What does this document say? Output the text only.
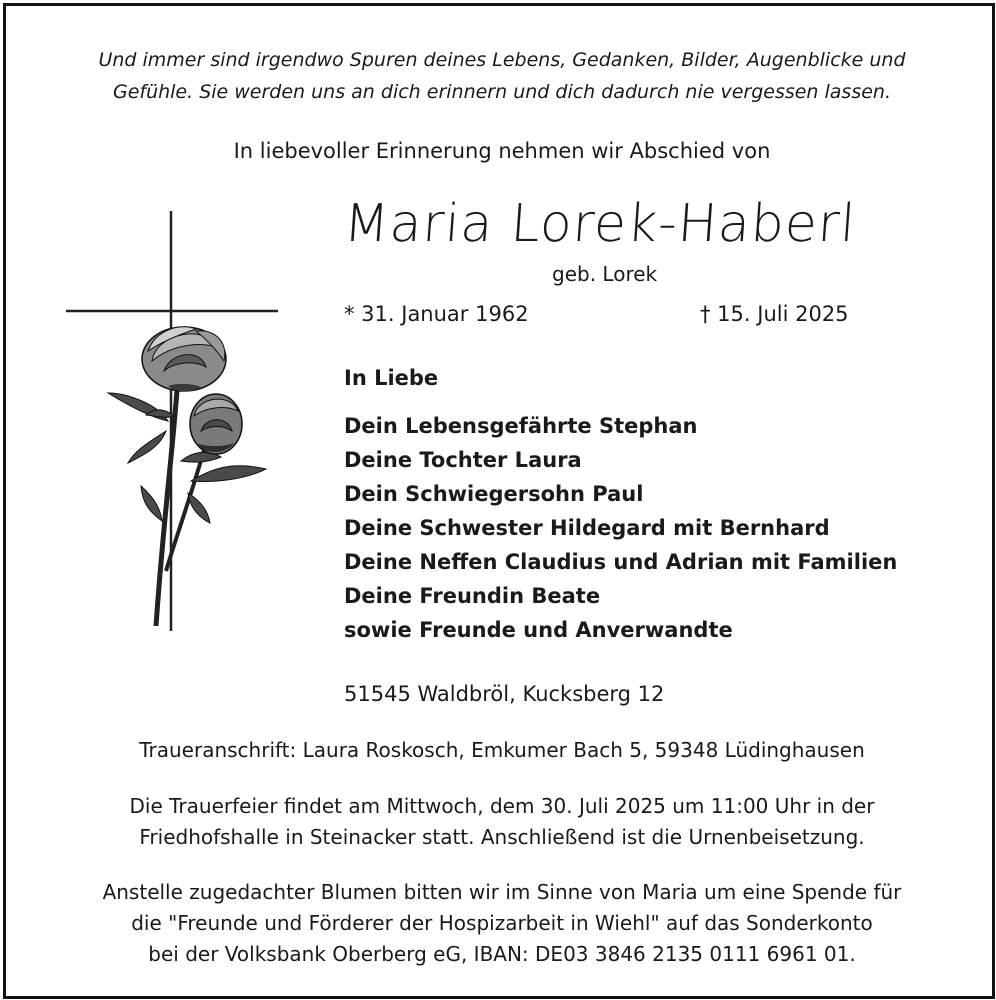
Und immer sind irgendwo Spuren deines Lebens, Gedanken, Bilder, Augenblicke und
Gefühle. Sie werden uns an dich erinnern und dich dadurch nie vergessen lassen.
In liebevoller Erinnerung nehmen wir Abschied von
Maria Lorek-Haberl
geb. Lorek
* 31. Januar 1962	† 15. Juli 2025
In Liebe
Dein Lebensgefährte Stephan
Deine Tochter Laura
Dein Schwiegersohn Paul
Deine Schwester Hildegard mit Bernhard
Deine Neffen Claudius und Adrian mit Familien
Deine Freundin Beate
sowie Freunde und Anverwandte
51545 Waldbröl, Kucksberg 12
Traueranschrift: Laura Roskosch, Emkumer Bach 5, 59348 Lüdinghausen
Die Trauerfeier findet am Mittwoch, dem 30. Juli 2025 um 11:00 Uhr in der
Friedhofshalle in Steinacker statt. Anschließend ist die Urnenbeisetzung.
Anstelle zugedachter Blumen bitten wir im Sinne von Maria um eine Spende für
die "Freunde und Förderer der Hospizarbeit in Wiehl" auf das Sonderkonto
bei der Volksbank Oberberg eG, IBAN: DE03 3846 2135 0111 6961 01.
